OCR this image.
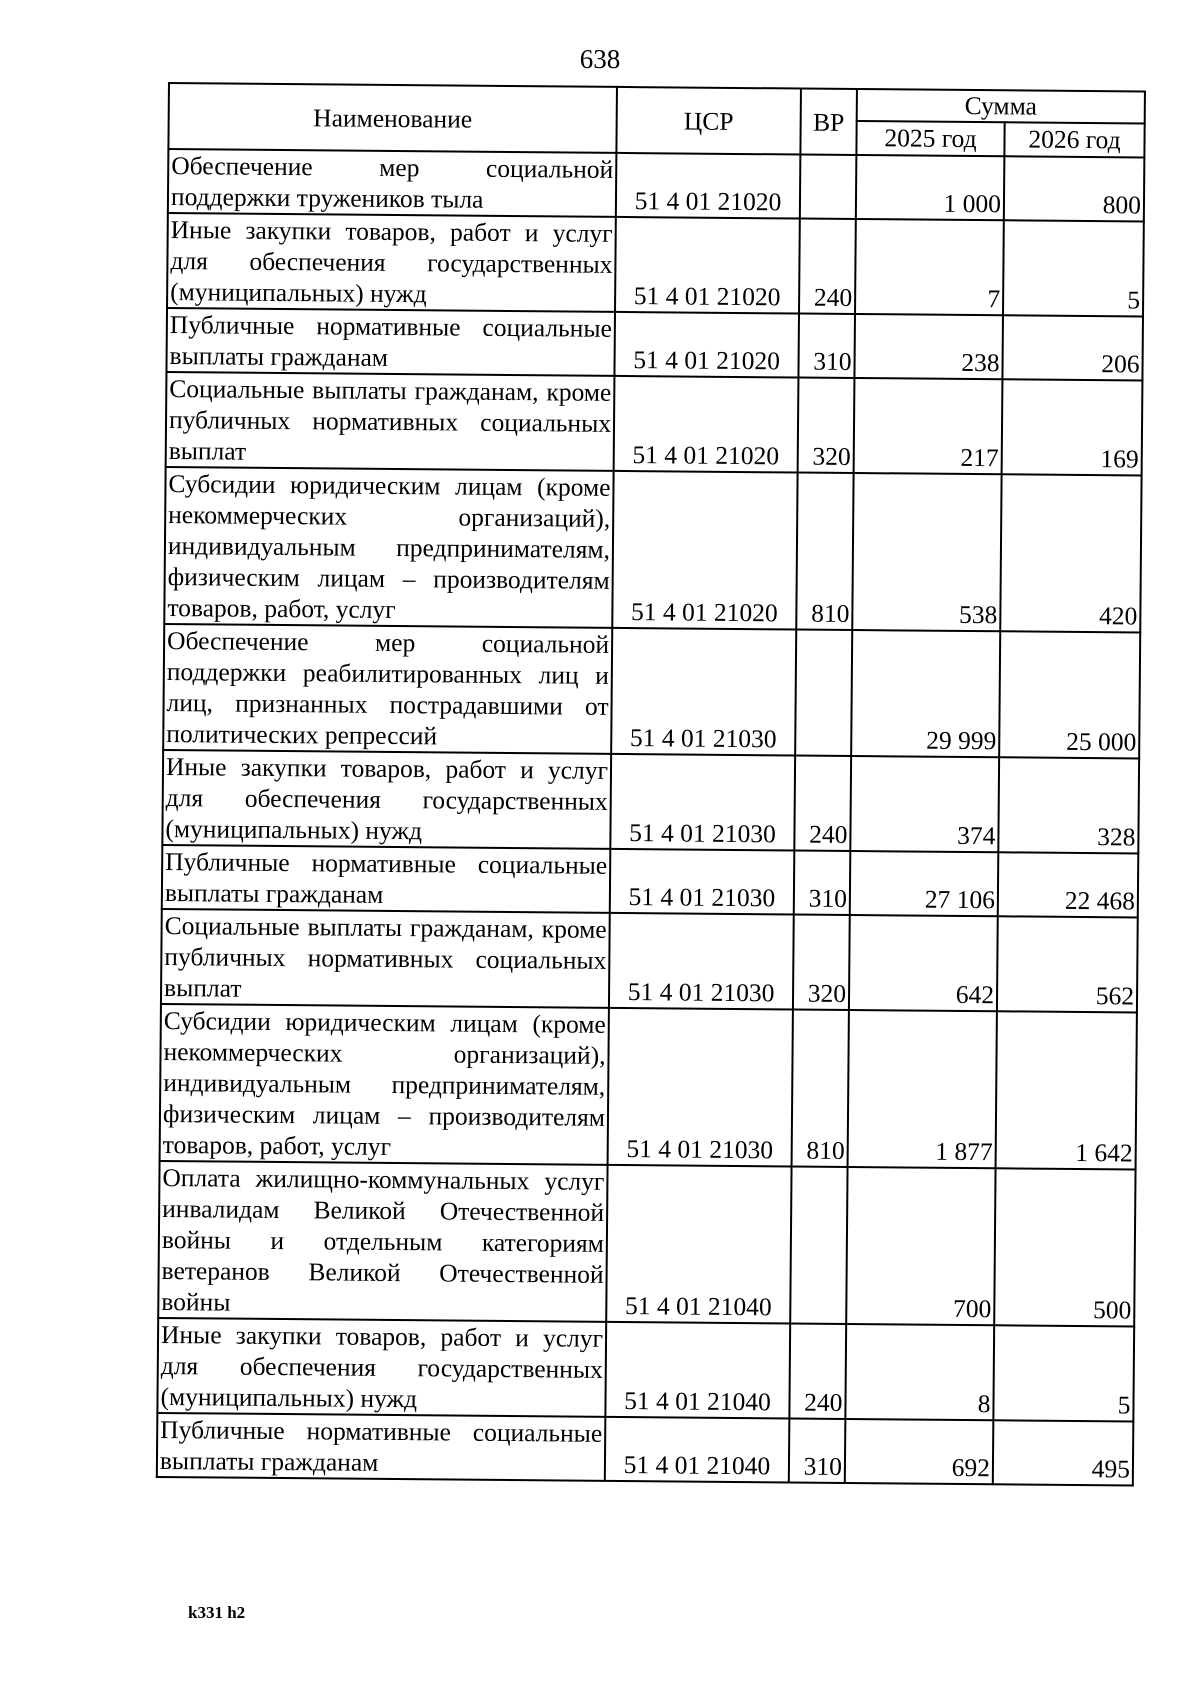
638
Наименование	ЦСР	ВР	Сумма	
			2025 год	2026 год
Обеспечение мер социальной поддержки тружеников тыла	51 4 01 21020		1 000	800
Иные закупки товаров, работ и услуг для обеспечения государственных (муниципальных) нужд	51 4 01 21020	240	7	5
Публичные нормативные социальные выплаты гражданам	51 4 01 21020	310	238	206
Социальные выплаты гражданам, кроме публичных нормативных социальных выплат	51 4 01 21020	320	217	169
Субсидии юридическим лицам (кроме некоммерческих организаций), индивидуальным предпринимателям, физическим лицам – производителям товаров, работ, услуг	51 4 01 21020	810	538	420
Обеспечение мер социальной поддержки реабилитированных лиц и лиц, признанных пострадавшими от политических репрессий	51 4 01 21030		29 999	25 000
Иные закупки товаров, работ и услуг для обеспечения государственных (муниципальных) нужд	51 4 01 21030	240	374	328
Публичные нормативные социальные выплаты гражданам	51 4 01 21030	310	27 106	22 468
Социальные выплаты гражданам, кроме публичных нормативных социальных выплат	51 4 01 21030	320	642	562
Субсидии юридическим лицам (кроме некоммерческих организаций), индивидуальным предпринимателям, физическим лицам – производителям товаров, работ, услуг	51 4 01 21030	810	1 877	1 642
Оплата жилищно-коммунальных услуг инвалидам Великой Отечественной войны и отдельным категориям ветеранов Великой Отечественной войны	51 4 01 21040		700	500
Иные закупки товаров, работ и услуг для обеспечения государственных (муниципальных) нужд	51 4 01 21040	240	8	5
Публичные нормативные социальные выплаты гражданам	51 4 01 21040	310	692	495
k331 h2
